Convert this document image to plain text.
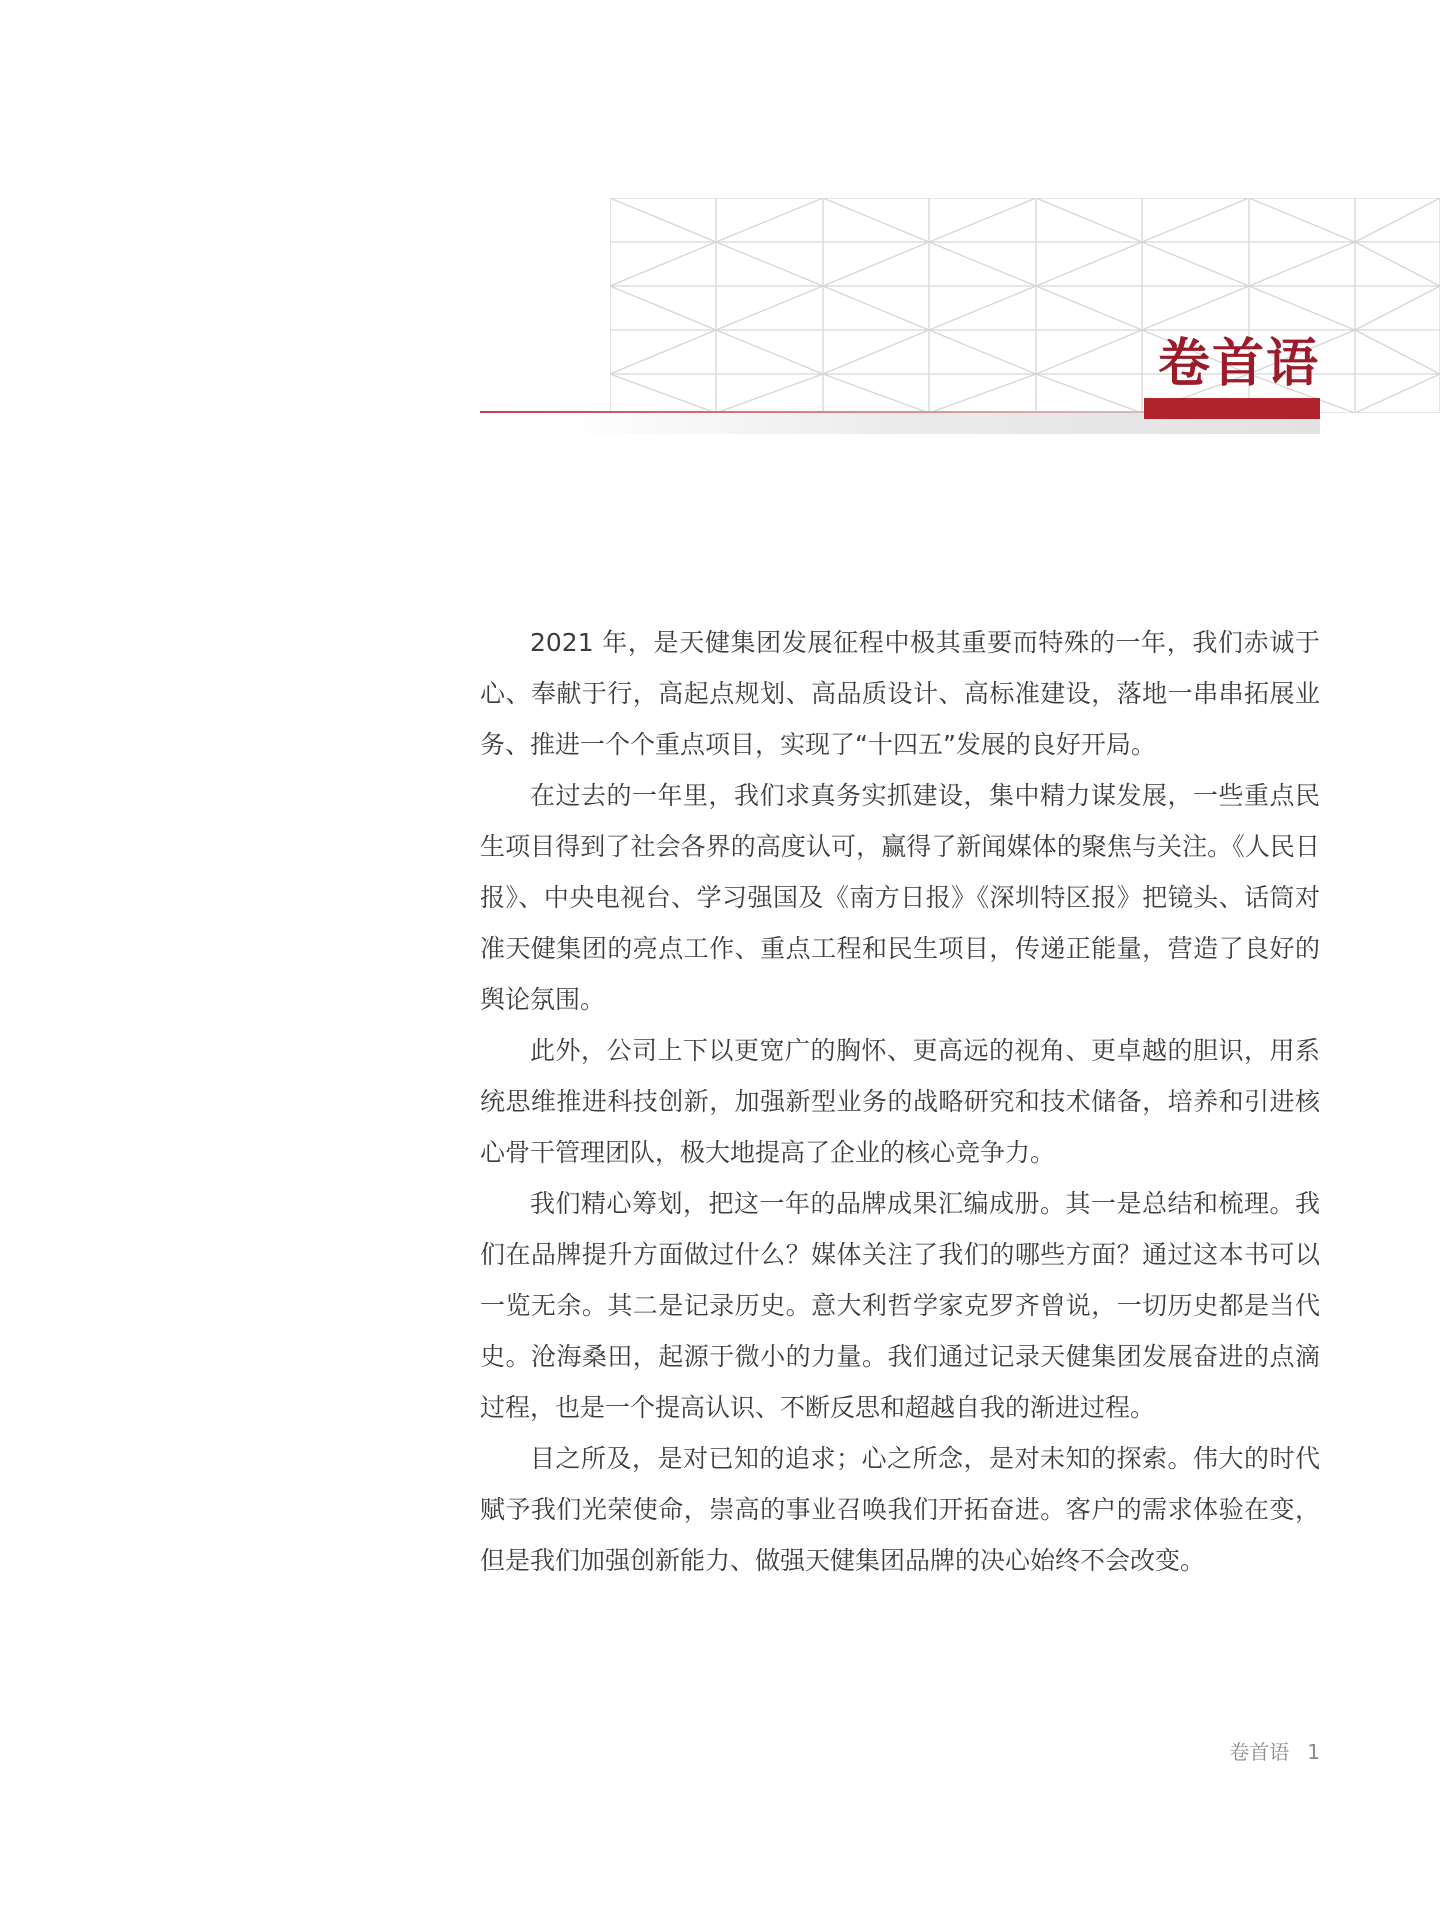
卷首语

2021 年，是天健集团发展征程中极其重要而特殊的一年，我们赤诚于心、奉献于行，高起点规划、高品质设计、高标准建设，落地一串串拓展业务、推进一个个重点项目，实现了“十四五”发展的良好开局。

在过去的一年里，我们求真务实抓建设，集中精力谋发展，一些重点民生项目得到了社会各界的高度认可，赢得了新闻媒体的聚焦与关注。《人民日报》、中央电视台、学习强国及《南方日报》《深圳特区报》把镜头、话筒对准天健集团的亮点工作、重点工程和民生项目，传递正能量，营造了良好的舆论氛围。

此外，公司上下以更宽广的胸怀、更高远的视角、更卓越的胆识，用系统思维推进科技创新，加强新型业务的战略研究和技术储备，培养和引进核心骨干管理团队，极大地提高了企业的核心竞争力。

我们精心筹划，把这一年的品牌成果汇编成册。其一是总结和梳理。我们在品牌提升方面做过什么？媒体关注了我们的哪些方面？通过这本书可以一览无余。其二是记录历史。意大利哲学家克罗齐曾说，一切历史都是当代史。沧海桑田，起源于微小的力量。我们通过记录天健集团发展奋进的点滴过程，也是一个提高认识、不断反思和超越自我的渐进过程。

目之所及，是对已知的追求；心之所念，是对未知的探索。伟大的时代赋予我们光荣使命，崇高的事业召唤我们开拓奋进。客户的需求体验在变，但是我们加强创新能力、做强天健集团品牌的决心始终不会改变。

卷首语 1
